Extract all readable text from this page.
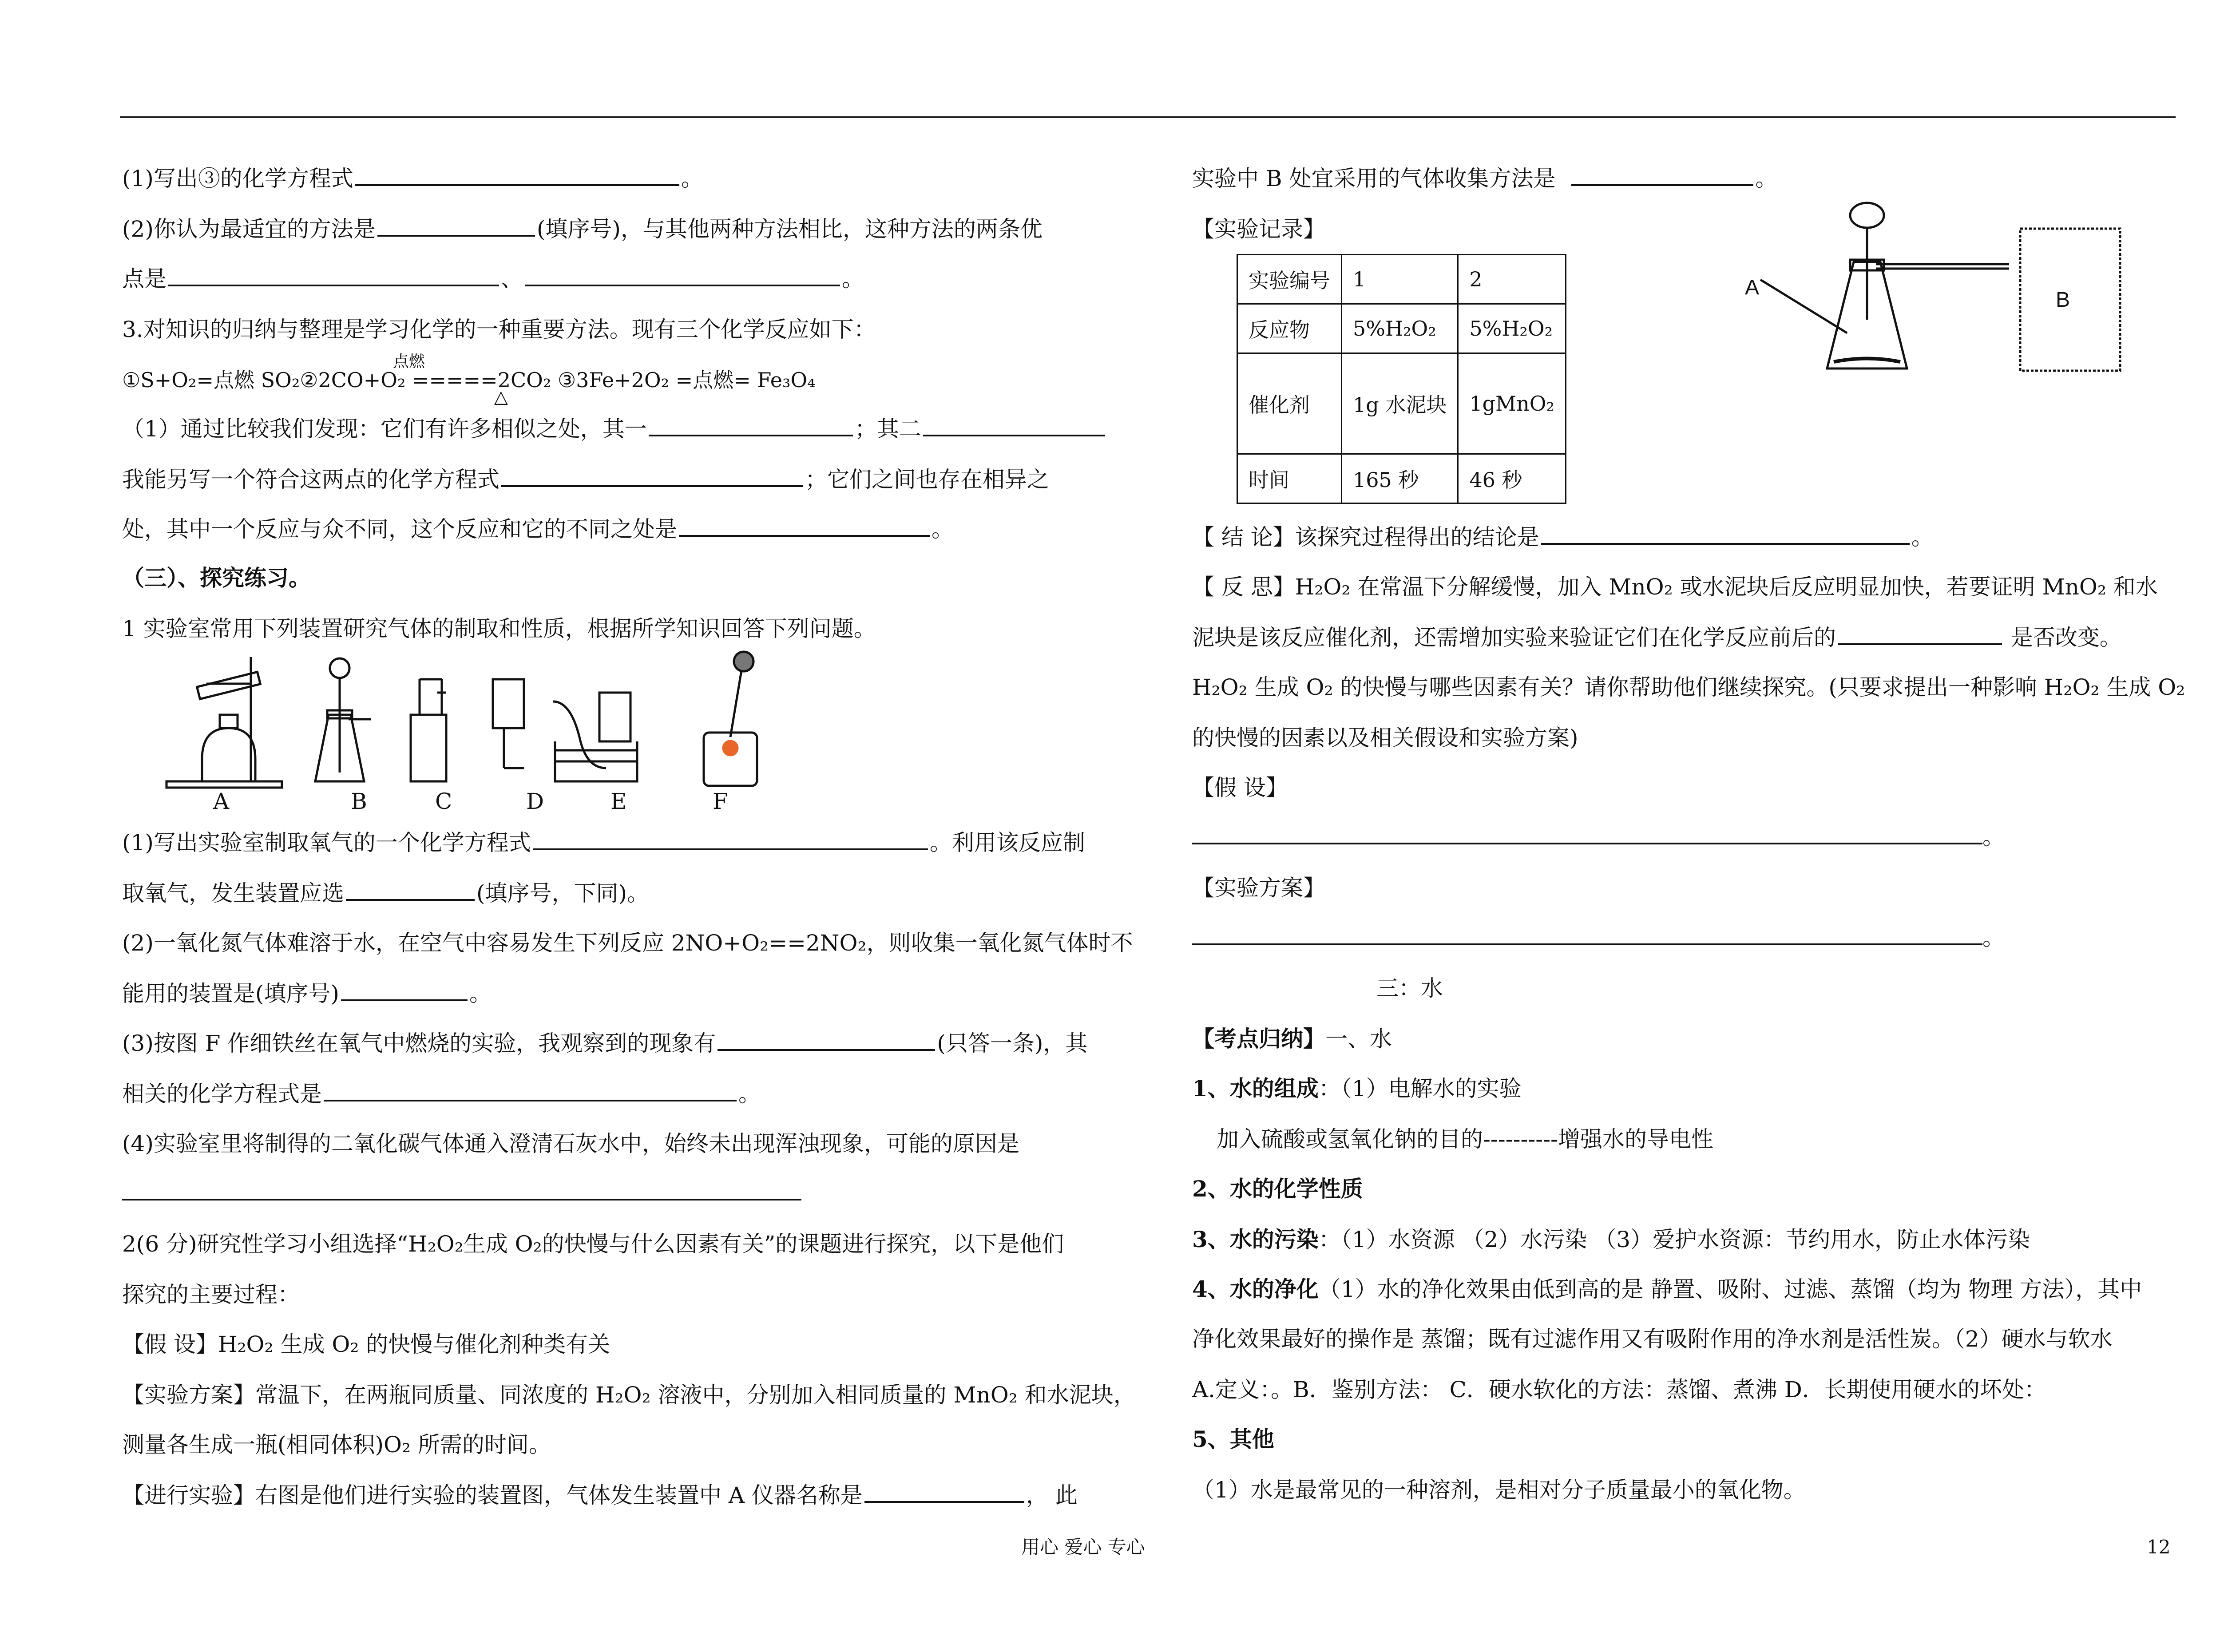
(1)写出③的化学方程式	。
(2)你认为最适宜的方法是	(填序号)，与其他两种方法相比，这种方法的两条优
点是	、	。
3.对知识的归纳与整理是学习化学的一种重要方法。现有三个化学反应如下：
点燃
①S+O₂=点燃 SO₂②2CO+O₂ =====2CO₂ ③3Fe+2O₂ =点燃= Fe₃O₄
△
（1）通过比较我们发现：它们有许多相似之处，其一	；其二
我能另写一个符合这两点的化学方程式	；它们之间也存在相异之
处，其中一个反应与众不同，这个反应和它的不同之处是	。
（三）、探究练习。
1 实验室常用下列装置研究气体的制取和性质，根据所学知识回答下列问题。
A	B	C	D	E	F
(1)写出实验室制取氧气的一个化学方程式	。利用该反应制
取氧气，发生装置应选	(填序号，下同)。
(2)一氧化氮气体难溶于水，在空气中容易发生下列反应 2NO+O₂==2NO₂，则收集一氧化氮气体时不
能用的装置是(填序号)	。
(3)按图 F 作细铁丝在氧气中燃烧的实验，我观察到的现象有	(只答一条)，其
相关的化学方程式是	。
(4)实验室里将制得的二氧化碳气体通入澄清石灰水中，始终未出现浑浊现象，可能的原因是
2(6 分)研究性学习小组选择“H₂O₂生成 O₂的快慢与什么因素有关”的课题进行探究，以下是他们
探究的主要过程：
【假 设】H₂O₂ 生成 O₂ 的快慢与催化剂种类有关
【实验方案】常温下，在两瓶同质量、同浓度的 H₂O₂ 溶液中，分别加入相同质量的 MnO₂ 和水泥块，
测量各生成一瓶(相同体积)O₂ 所需的时间。
【进行实验】右图是他们进行实验的装置图，气体发生装置中 A 仪器名称是	， 此
实验中 B 处宜采用的气体收集方法是	。
【实验记录】
实验编号	1	2
反应物	5%H₂O₂	5%H₂O₂
催化剂	1g 水泥块	1gMnO₂
时间	165 秒	46 秒
A
B
【 结 论】该探究过程得出的结论是	。
【 反 思】H₂O₂ 在常温下分解缓慢，加入 MnO₂ 或水泥块后反应明显加快，若要证明 MnO₂ 和水
泥块是该反应催化剂，还需增加实验来验证它们在化学反应前后的	是否改变。
H₂O₂ 生成 O₂ 的快慢与哪些因素有关？请你帮助他们继续探究。(只要求提出一种影响 H₂O₂ 生成 O₂
的快慢的因素以及相关假设和实验方案)
【假 设】
。
【实验方案】
。
三：水
【考点归纳】一、水
1、水的组成：（1）电解水的实验
加入硫酸或氢氧化钠的目的----------增强水的导电性
2、水的化学性质
3、水的污染：（1）水资源 （2）水污染 （3）爱护水资源：节约用水，防止水体污染
4、水的净化（1）水的净化效果由低到高的是 静置、吸附、过滤、蒸馏（均为 物理 方法），其中
净化效果最好的操作是 蒸馏；既有过滤作用又有吸附作用的净水剂是活性炭。（2）硬水与软水
A.定义：。B．鉴别方法： C．硬水软化的方法：蒸馏、煮沸 D．长期使用硬水的坏处：
5、其他
（1）水是最常见的一种溶剂，是相对分子质量最小的氧化物。
用心 爱心 专心	12
